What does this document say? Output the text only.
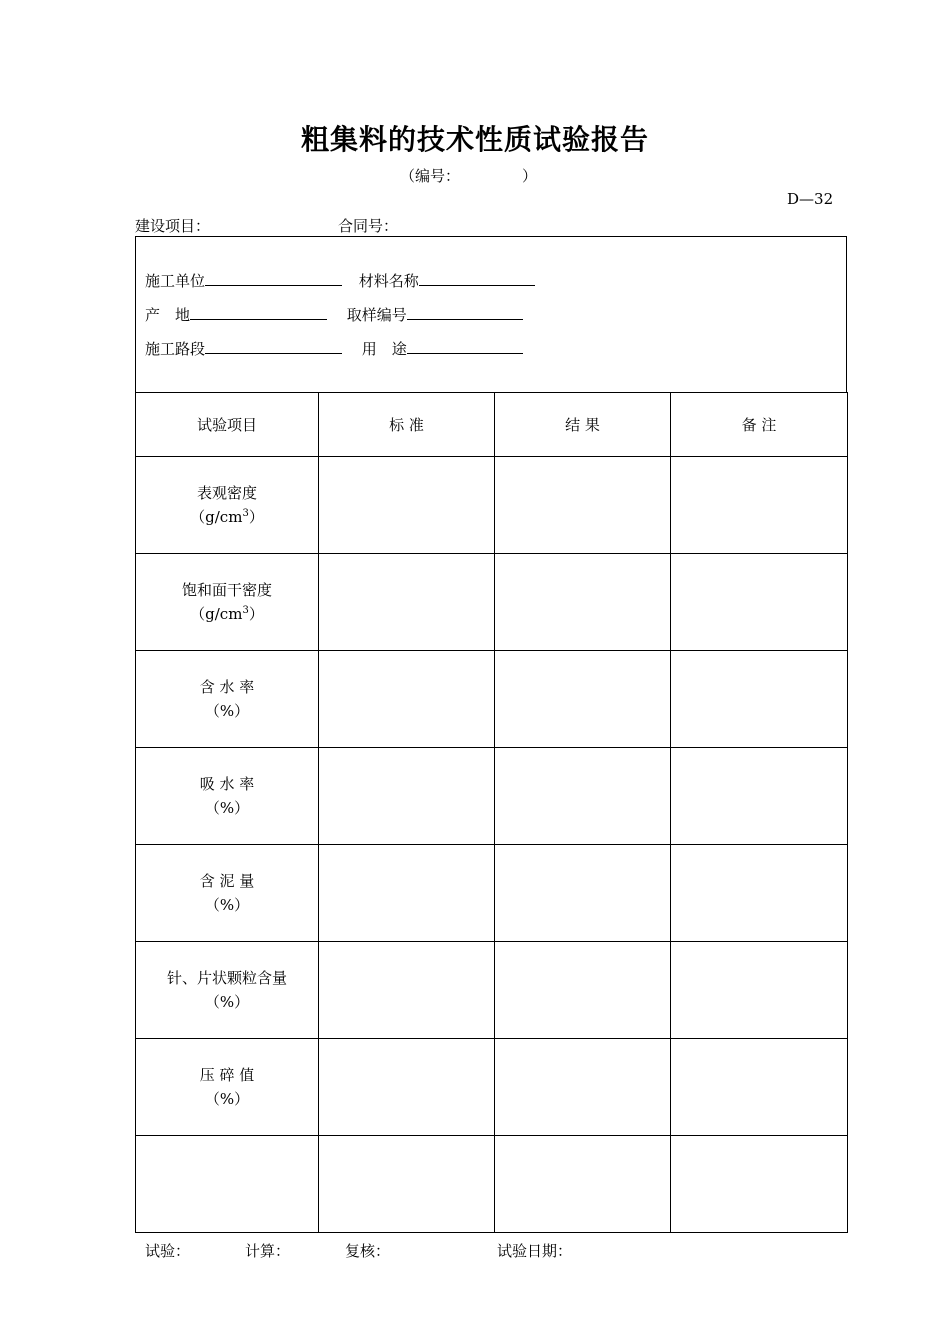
粗集料的技术性质试验报告
（编号：	）
D—32
建设项目：	合同号：
施工单位	材料名称
产　地	取样编号
施工路段	用　途
试验项目	标 准	结 果	备 注

表观密度
$(g/cm^3)$			

饱和面干密度
$(g/cm^3)$			

含 水 率
（%）			

吸 水 率
（%）			

含 泥 量
（%）			

针、片状颗粒含量
（%）			

压 碎 值
（%）			

试验：	计算：	复核：	试验日期：
